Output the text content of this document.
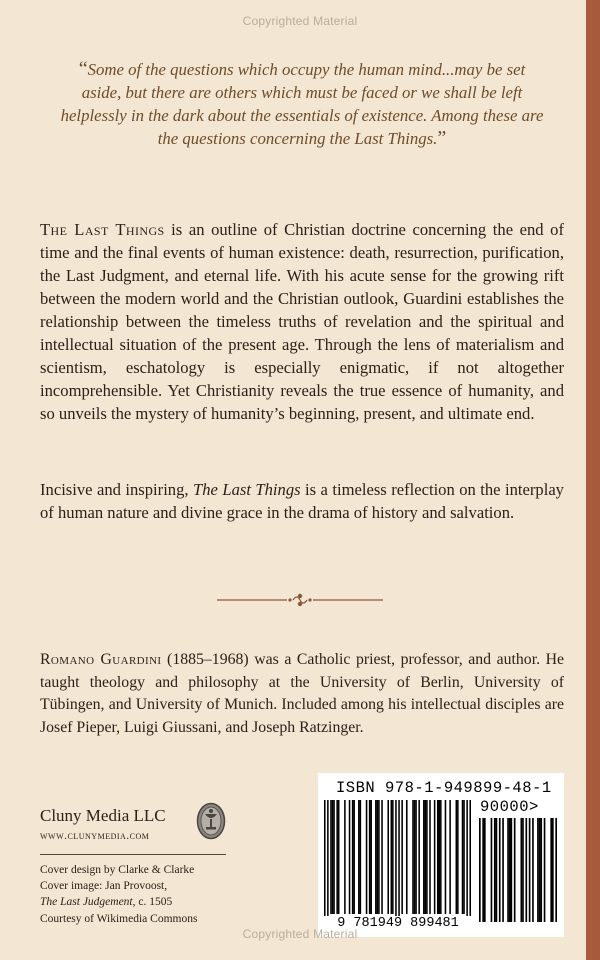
Copyrighted Material
“Some of the questions which occupy the human mind...may be set aside, but there are others which must be faced or we shall be left helplessly in the dark about the essentials of existence. Among these are the questions concerning the Last Things.”

The Last Things is an outline of Christian doctrine concerning the end of time and the final events of human existence: death, resurrection, purification, the Last Judgment, and eternal life. With his acute sense for the growing rift between the modern world and the Christian outlook, Guardini establishes the relationship between the timeless truths of revelation and the spiritual and intellectual situation of the present age. Through the lens of materialism and scientism, eschatology is especially enigmatic, if not altogether incomprehensible. Yet Christianity reveals the true essence of humanity, and so unveils the mystery of humanity’s beginning, present, and ultimate end.

Incisive and inspiring, The Last Things is a timeless reflection on the interplay of human nature and divine grace in the drama of history and salvation.

Romano Guardini (1885–1968) was a Catholic priest, professor, and author. He taught theology and philosophy at the University of Berlin, University of Tübingen, and University of Munich. Included among his intellectual disciples are Josef Pieper, Luigi Giussani, and Joseph Ratzinger.

Cluny Media LLC
www.clunymedia.com
Cover design by Clarke & Clarke
Cover image: Jan Provoost,
The Last Judgement, c. 1505
Courtesy of Wikimedia Commons
ISBN 978-1-949899-48-1
90000>
9 781949 899481
Copyrighted Material
